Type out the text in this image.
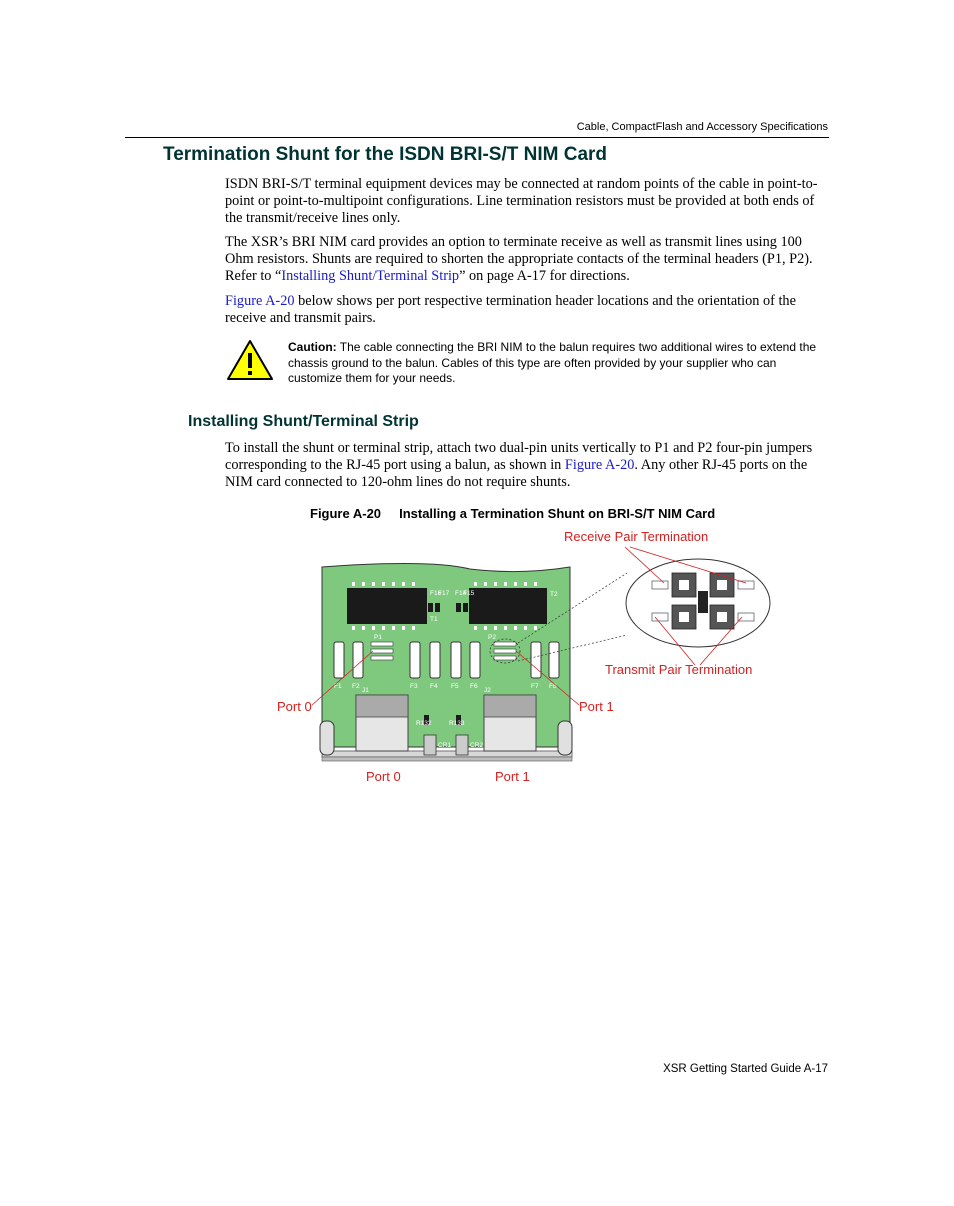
Cable, CompactFlash and Accessory Specifications
Termination Shunt for the ISDN BRI-S/T NIM Card

ISDN BRI-S/T terminal equipment devices may be connected at random points of the cable in point-to-point or point-to-multipoint configurations. Line termination resistors must be provided at both ends of the transmit/receive lines only.

The XSR’s BRI NIM card provides an option to terminate receive as well as transmit lines using 100 Ohm resistors. Shunts are required to shorten the appropriate contacts of the terminal headers (P1, P2). Refer to “Installing Shunt/Terminal Strip” on page A-17 for directions.

Figure A-20 below shows per port respective termination header locations and the orientation of the receive and transmit pairs.

Caution: The cable connecting the BRI NIM to the balun requires two additional wires to extend the chassis ground to the balun. Cables of this type are often provided by your supplier who can customize them for your needs.

Installing Shunt/Terminal Strip

To install the shunt or terminal strip, attach two dual-pin units vertically to P1 and P2 four-pin jumpers corresponding to the RJ-45 port using a balun, as shown in Figure A-20. Any other RJ-45 ports on the NIM card connected to 120-ohm lines do not require shunts.

Figure A-20     Installing a Termination Shunt on BRI-S/T NIM Card
Receive Pair Termination
Transmit Pair Termination
Port 0	Port 1
Port 0	Port 1
T1
T2
P1	P2
F16
F17 F14
F15
F1 F2	F3 F4 F5 F6	F7 F8
J1	J2
R132	R133
CR1	CR2
XSR Getting Started Guide A-17
